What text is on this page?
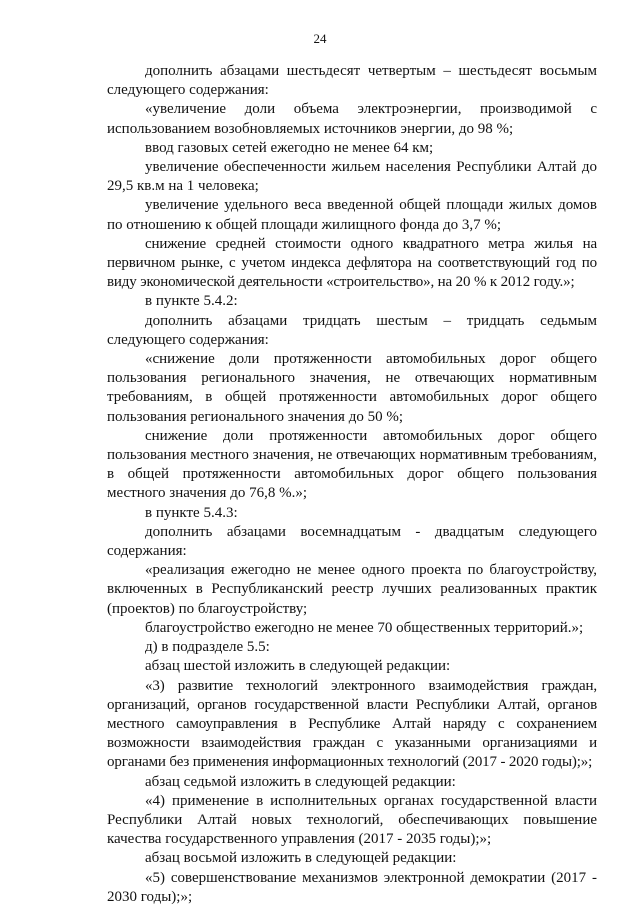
24

дополнить абзацами шестьдесят четвертым – шестьдесят восьмым следующего содержания:

«увеличение доли объема электроэнергии, производимой с использованием возобновляемых источников энергии, до 98 %;

ввод газовых сетей ежегодно не менее 64 км;

увеличение обеспеченности жильем населения Республики Алтай до 29,5 кв.м на 1 человека;

увеличение удельного веса введенной общей площади жилых домов по отношению к общей площади жилищного фонда до 3,7 %;

снижение средней стоимости одного квадратного метра жилья на первичном рынке, с учетом индекса дефлятора на соответствующий год по виду экономической деятельности «строительство», на 20 % к 2012 году.»;

в пункте 5.4.2:

дополнить абзацами тридцать шестым – тридцать седьмым следующего содержания:

«снижение доли протяженности автомобильных дорог общего пользования регионального значения, не отвечающих нормативным требованиям, в общей протяженности автомобильных дорог общего пользования регионального значения до 50 %;

снижение доли протяженности автомобильных дорог общего пользования местного значения, не отвечающих нормативным требованиям, в общей протяженности автомобильных дорог общего пользования местного значения до 76,8 %.»;

в пункте 5.4.3:

дополнить абзацами восемнадцатым - двадцатым следующего содержания:

«реализация ежегодно не менее одного проекта по благоустройству, включенных в Республиканский реестр лучших реализованных практик (проектов) по благоустройству;

благоустройство ежегодно не менее 70 общественных территорий.»;

д) в подразделе 5.5:

абзац шестой изложить в следующей редакции:

«3) развитие технологий электронного взаимодействия граждан, организаций, органов государственной власти Республики Алтай, органов местного самоуправления в Республике Алтай наряду с сохранением возможности взаимодействия граждан с указанными организациями и органами без применения информационных технологий (2017 - 2020 годы);»;

абзац седьмой изложить в следующей редакции:

«4) применение в исполнительных органах государственной власти Республики Алтай новых технологий, обеспечивающих повышение качества государственного управления (2017 - 2035 годы);»;

абзац восьмой изложить в следующей редакции:

«5) совершенствование механизмов электронной демократии (2017 - 2030 годы);»;
